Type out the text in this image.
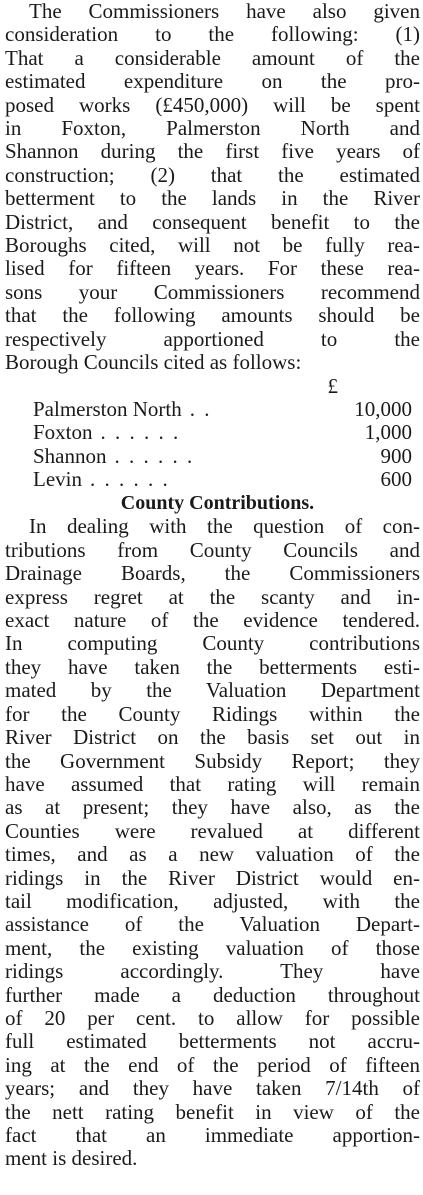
The Commissioners have also given
consideration to the following: (1)
That a considerable amount of the
estimated expenditure on the pro-
posed works (£450,000) will be spent
in Foxton, Palmerston North and
Shannon during the first five years of
construction; (2) that the estimated
betterment to the lands in the River
District, and consequent benefit to the
Boroughs cited, will not be fully rea-
lised for fifteen years. For these rea-
sons your Commissioners recommend
that the following amounts should be
respectively apportioned to the
Borough Councils cited as follows:

£
Palmerston North . .	10,000
Foxton . . . . . .	1,000
Shannon . . . . . .	900
Levin . . . . . .	600
County Contributions.

In dealing with the question of con-
tributions from County Councils and
Drainage Boards, the Commissioners
express regret at the scanty and in-
exact nature of the evidence tendered.
In computing County contributions
they have taken the betterments esti-
mated by the Valuation Department
for the County Ridings within the
River District on the basis set out in
the Government Subsidy Report; they
have assumed that rating will remain
as at present; they have also, as the
Counties were revalued at different
times, and as a new valuation of the
ridings in the River District would en-
tail modification, adjusted, with the
assistance of the Valuation Depart-
ment, the existing valuation of those
ridings accordingly. They have
further made a deduction throughout
of 20 per cent. to allow for possible
full estimated betterments not accru-
ing at the end of the period of fifteen
years; and they have taken 7/14th of
the nett rating benefit in view of the
fact that an immediate apportion-
ment is desired.
